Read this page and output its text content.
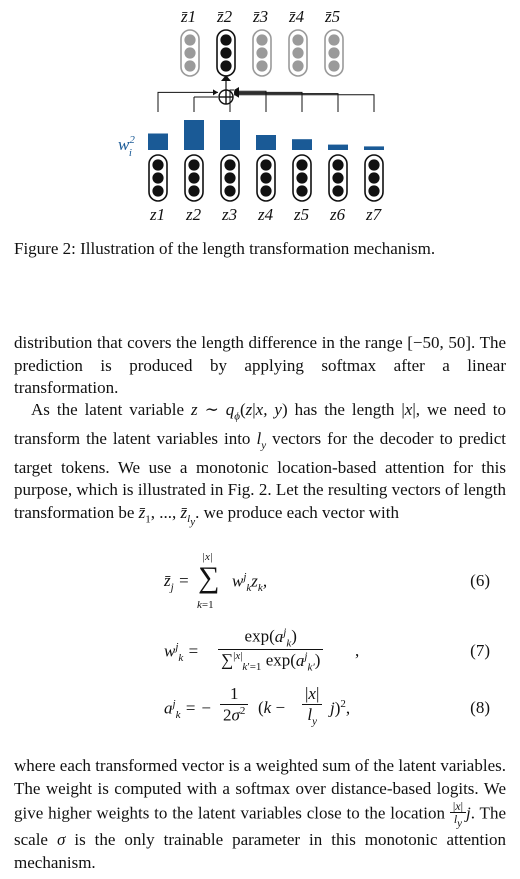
z̄1 z̄2 z̄3 z̄4 z̄5
z1 z2 z3 z4 z5 z6 z7
$w^2$ i
Figure 2: Illustration of the length transformation mechanism.
distribution that covers the length difference in the range [−50, 50]. The prediction is produced by applying softmax after a linear transformation.
 As the latent variable z ∼ $q_\phi(z|x$, y) has the length |x|, we need to transform the latent variables into $l_y$ vectors for the decoder to predict target tokens. We use a monotonic location-based attention for this purpose, which is illustrated in Fig. 2. Let the resulting vectors of length transformation be $z̄_1$, ..., $z̄_{l_y}$. we produce each vector with
$z̄_j$ =
|x|
∑
k=1
$w^j_kz_k$,	(6)
$w^j_k$ =
$\exp(a^j_k)$
∑$^{|x|}_{k'=1}$ $\exp(a^j_{k'})$
,	(7)
$a^j_k$ = − $\frac{1}{2\sigma^2} (k - \frac{|x|}{l_y} j)^2$,	(8)
where each transformed vector is a weighted sum of the latent variables. The weight is computed with a softmax over distance-based logits. We give higher weights to the latent variables close to the location $\frac{|x|}{l_y} j$. The scale σ is the only trainable parameter in this monotonic attention mechanism.
